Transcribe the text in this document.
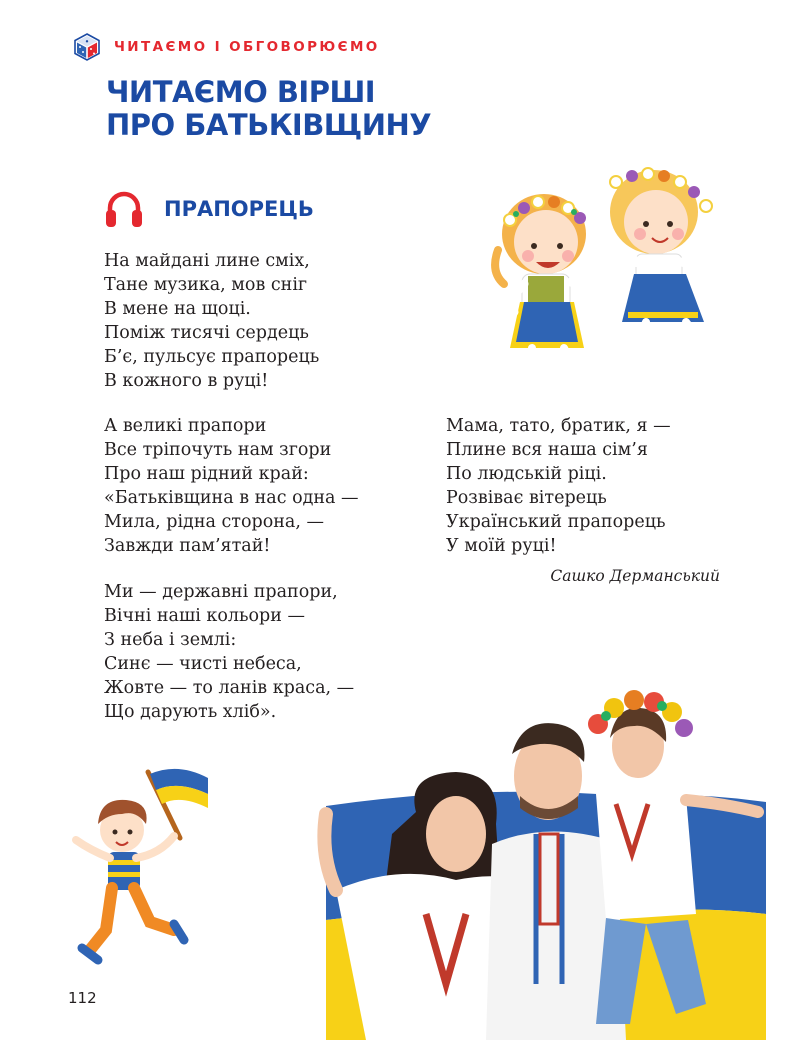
ЧИТАЄМО І ОБГОВОРЮЄМО
ЧИТАЄМО ВІРШІ
ПРО БАТЬКІВЩИНУ
ПРАПОРЕЦЬ

На майдані лине сміх,
Тане музика, мов сніг
В мене на щоці.
Поміж тисячі сердець
Б’є, пульсує прапорець
В кожного в руці!

А великі прапори
Все тріпочуть нам згори
Про наш рідний край:
«Батьківщина в нас одна —
Мила, рідна сторона, —
Завжди пам’ятай!

Ми — державні прапори,
Вічні наші кольори —
З неба і землі:
Синє — чисті небеса,
Жовте — то ланів краса, —
Що дарують хліб».

Мама, тато, братик, я —
Плине вся наша сім’я
По людській ріці.
Розвіває вітерець
Український прапорець
У моїй руці!

Сашко Дерманський
112
